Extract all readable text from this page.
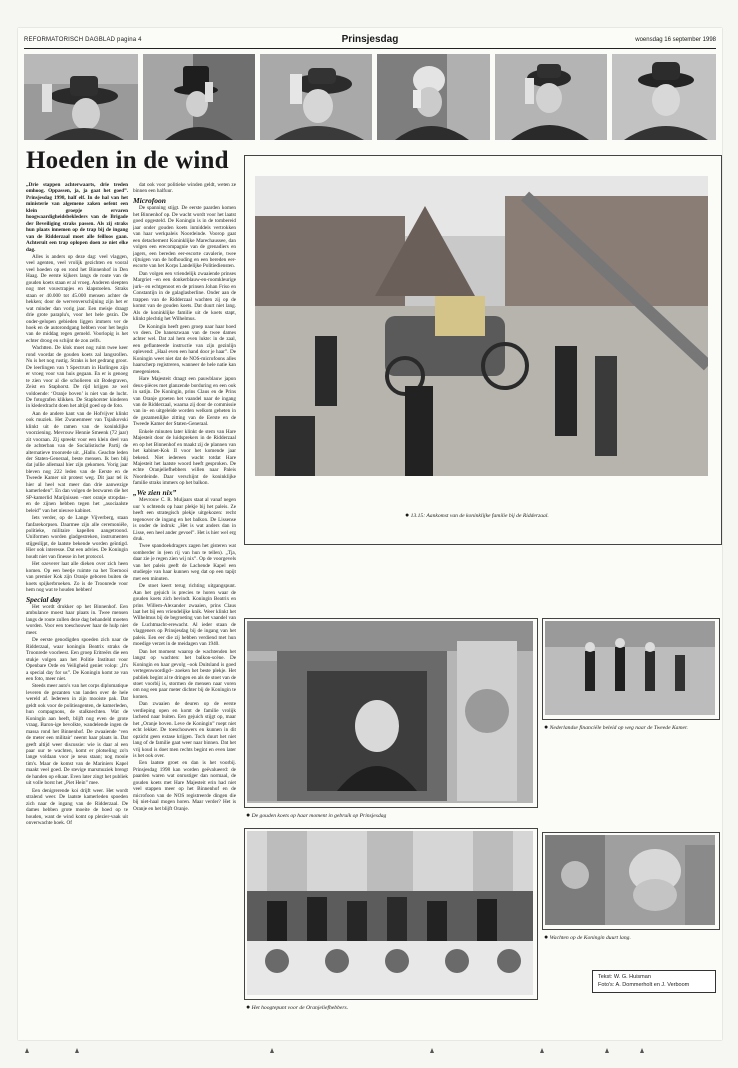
REFORMATORISCH DAGBLAD pagina 4	Prinsjesdag	woensdag 16 september 1998
Hoeden in de wind

„Drie stappen achterwaarts, drie treden omhoog. Oppassen, ja, ja gaat het goed”. Prinsjesdag 1998, half elf. In de hal van het ministerie van algemene zaken oefent een klein groepje ervaren hoogwaardigheidsbekleders van de Brigade der Beveiliging straks passen. Als zij straks hun plaats innemen op de trap bij de ingang van de Ridderzaal moet alle feilloos gaan. Achteruit een trap oplopen doen ze niet elke dag.

Alles is anders op deze dag: veel vlaggen, veel agenten, veel vrolijk gezichten en vooral veel hoeden op en rond het Binnenhof in Den Haag. De eerste kijkers langs de route van de gouden koets staan er al vroeg. Anderen sleepten nog met vouwtrapjes en klapstoelen. Straks staan er 40.000 tot 45.000 mensen achter de hekken; door de wervenverschijning zijn het er wat minder dan vorig jaar. Een meisje draagt drie grote paraplu's, voor het hele gezin. De onder-gelopen gebieden liggen immers ver de hoek en de autorondgang hebben voor het begin van de middag regen gemeld. Voorlopig is het echter droog en schijnt de zon zelfs.

Wachtten. De klok moet nog ruim twee keer rond voordat de gouden koets zal langsrollen. Nu is het nog rustig. Straks is het gedrang groot. De leerlingen van 't Spectrum in Harlingen zijn er vroeg voor van huis gegaan. En er is genoeg te zien voor al die scholieren uit Bodegraven, Zeist en Staphorst. De rijd krijgen ze wel voldoende: ‘Oranje boven’ is niet van de lucht. De fotografen klikken. De Staphorster kinderen in klederdracht doen het altijd goed op de foto.

Aan de andere kant van de Hofvijver klinkt ook muziek. Het Zwanenmeer van Tsjaikovski klinkt uit de ramen van de koninklijke voorziening. Mevrouw Hennie Smeenk (72 jaar) zit vooraan. Zij spreekt voor een klein deel van de achterban van de Socialistische Partij de alternatieve troonrede uit. „Hallo. Geachte leden der Staten-Generaal, beste mensen. Ik ben blij dat jullie allemaal hier zijn gekomen. Vorig jaar bleven nog 222 leden van de Eerste en de Tweede Kamer uit protest weg. Dit jaar tel ik hier al heel wat meer dan drie aanwezige kamerleden”. En dan volgen de bezwaren die het SP-kamerlid Marijnissen –met oranje stropdas– en de zijnen hebben tegen het „asociaalste beleid” van het nieuwe kabinet.

Iets verder, op de Lange Vijverberg, staan fanfarekorpsen. Daarmee zijn alle ceremoniële, politieke, militaire kapellen aangetroond. Uniformen worden gladgestreken, instrumenten stijgeslijpt, de laatste bekende worden geïntigd. Hier ook interesse. Dat een advies. De Koningin houdt niet van finesse in het protocol.

Het ozeverer laat alle dieken over zich heen komen. Op een beetje ruimte na het Toernooi van premier Kok zijn Oranje geboren buiten de koets spijkerbroeken. Zo is de Troonrede voor hem nog wat te houden hebben!

Special day

Het wordt drukker op het Binnenhof. Een ambulance moest haar plaats in. Twee mensen langs de route zullen deze dag behandeld moeten worden. Voor een toeschouwer haar de hulp niet meer.

De eerste genodigden spoeden zich naar de Ridderzaal, waar koningin Beatrix straks de Troonrede voorleest. Een groep Eritreërs die een stukje volgen aan het Politie Instituut voor Openbare Orde en Veiligheid geniet volop: „It's a special day for us”. De Koningin komt ze van een foto, meer niet.

Steeds meer auto's van het corps diplomatique leveren de gezanten van landen over de hele wereld af. Iedereen in zijn mooiste pak. Dat geldt ook voor de politieagenten, de kamerleden, hun compagnons, de stalknechten. Wat de Koningin aan heeft, blijft nog even de grote vraag. Baron-ige bevolkte, wandelende ingen de massa rond het Binnenhof. De zwaaiende ‘ven de meter een militair’ neemt haar plaats in. Dat geeft altijd weer discussie: wie is daar al een paar uur te wachten, komt er plotseling zo'n lange voldaan voor je neus staan; nog mooie tim's. Maar de komst van de Mariniers Kapel maakt veel goed. De stevige marsmuziek brengt de handen op elkaar. Even later zingt het publiek uit volle borst het „Piet Hein” mee.

Een denigrerende koi drijft weer. Het wordt stralend weer. De laatste kamerleden spoeden zich naar de ingang van de Ridderzaal. De dames hebben grote moeite de hoed op te houden, want de wind komt op plezier-vaak uit onverwachte hoek. Of

dat ook voor politieke winden geldt, weten ze binnen een halfuur.

Microfoon

De spanning stijgt. De eerste paarden komen het Binnenhof op. De wacht wordt voor het laatst goed opgesteld. De Koningin is in de tombereid jaar onder gouden koets inmiddels vertrokken van haar werkpaleis Noordeinde. Voorop gaat een detachement Koninklijke Marechaussee, dan volgen een erecompagnie van de grenadiers en jagers, een bereden eer-escorte cavalerie, twee rijtuigen van de hofhouding en een bereden eer-escorte van het Korps Landelijke Politiediensten.

Dan volgen een vriendelijk zwaaiende prinses Margriet –en een donkerblauw-en-roomkleurige jurk– en echtgenoot en de prinsen Johan Friso en Constantijn in de galaglasberline. Onder aan de trappen van de Ridderzaal wachten zij op de komst van de gouden koets. Dat duurt niet lang. Als de koninklijke familie uit de koets stapt, klinkt plechtig het Wilhelmus.

De Koningin heeft geen groep naar haar hoed vo deen. De hanenzwaan van de twee dames achter wel. Dat zal hem even lukte: in de zaal, een geflanteerde instructie van zijn gezinlijn oplevend: „Haal even een hand door je haar”. De Koningin weet niet dat de NOS-microfoons alles haarscherp registreren, wanneer de hele natie kan meegenieten.

Hare Majesteit draagt een pauwblauw japon deux-pièces met glanzende borduring en een ook in satijn. De Koningin, prins Claus en de Prins van Oranje groeten het vaandel naar de ingang van de Ridderzaal, waarna zij door de commissie van in- en uitgeleide worden welkom geheten in de gezamenlijke zitting van de Eerste en de Tweede Kamer der Staten-Generaal.

Enkele minuten later klinkt de stem van Hare Majesteit door de luidsprekers in de Ridderzaal en op het Binnenhof en maakt zij de plannen van het kabinet-Kok II voor het komende jaar bekend. Niet iedereen wacht totdat Hare Majesteit het laatste woord heeft gesproken. De echte Oranjeliefhebbers willen naar Paleis Noordeinde. Daar verschijnt de koninklijke familie straks immers op het balkon.

„We zien nix”

Mevrouw C. R. Muljaars staat al vanaf negen uur 's ochtends op haar plekje bij het paleis. Ze heeft een strategisch plekje uitgekozen: recht tegenover de ingang en het balkon. De Lissense is onder de indruk: „Het is wat anders dan in Lisse, een heel ander gevoel”. Het is hier wel erg druk.

Twee spandoekdragers zagen het gisteren wat somberder in (een rij van hun te tellen). „Tja, daar zie je regen zien wij nix”. Op de voorgevels van het paleis geeft de Lachende Kapel een studiepje van haar kunnen weg dat op een tapijt met een minuten.

De stoet keert terug richting uitgangspunt. Aan het gejuich is precies te horen waar de gouden koets zich bevindt. Koningin Beatrix en prins Willem-Alexander zwaaien, prins Claus laat het bij een vriendelijke knik. Weer klinkt het Wilhelmus bij de begroeting van het vaandel van de Luchtmacht-erewacht. Al ieder staan de vlaggeners op Prinsjesdag bij de ingang van het paleis. Een eer die zij hebben verdiend met hun moedige verzet in de meidagen van 1940.

Dan het moment waarop de wachtenden het langst op wachten: het balkon-scène. De Koningin en haar gevolg –ook Duitsland is goed vertegenwoordigd– zoeken het beste plekje. Het publiek begint al te dringen en als de stoet van de stoet voorbij is, stormen de mensen naar voren om nog een paar meter dichter bij de Koningin te komen.

Dan zwaaien de deuren op de eerste verdieping open en komt de familie vrolijk lachend naar buiten. Een gejuich stijgt op, maar het „Oranje boven. Leve de Koningin” roept niet echt lekker. De toeschouwers en kunnen in dit opzicht geen extase krijgen. Toch duurt het niet lang of de familie gaat weer naar binnen. Dat het vrij koud is doet men rechts begint en even later is het ook over.

Een laatste groet en dan is het voorbij. Prinsjesdag 1998 kan worden geëvalueerd: de paarden waren wat onrustiger dan normaal, de gouden koets met Hare Majesteit erin had niet veel stappen meer op het Binnenhof en de microfoon van de NOS registreerde dingen die bij niet-haal mogen horen. Maar verder? Het is Oranje en het blijft Oranje.

● 13.15: Aankomst van de koninklijke familie bij de Ridderzaal.
● De gouden koets op haar moment in gebruik op Prinsjesdag
● Nederlandse financiële beleid op weg naar de Tweede Kamer.
● Het hoogtepunt voor de Oranjeliefhebbers.
● Wachten op de Koningin duurt lang.
Tekst: W. G. Huisman
Foto's: A. Dommerholt en J. Verboom
